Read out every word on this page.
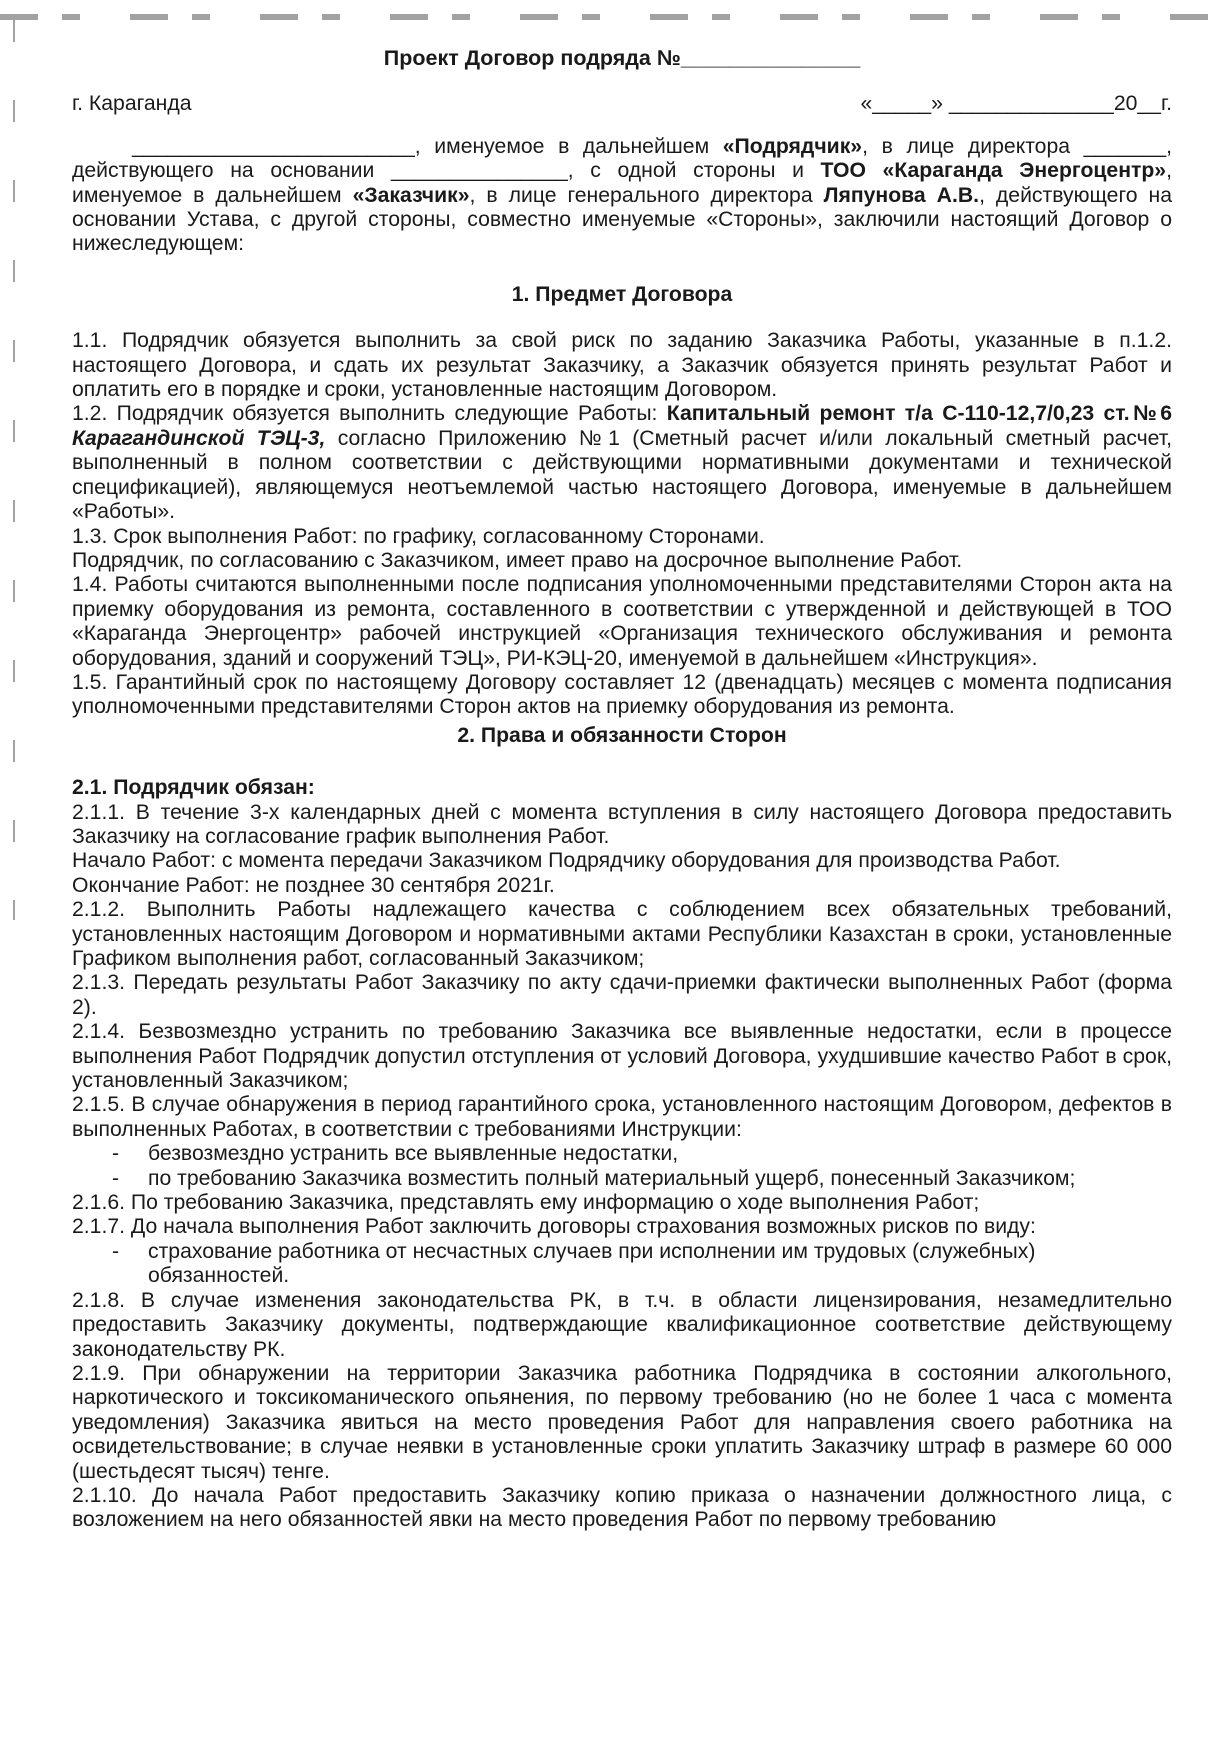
Проект Договор подряда №_______________
г. Караганда	«_____» ______________20__г.

________________________, именуемое в дальнейшем «Подрядчик», в лице директора _______, действующего на основании _______________, с одной стороны и ТОО «Караганда Энергоцентр», именуемое в дальнейшем «Заказчик», в лице генерального директора Ляпунова А.В., действующего на основании Устава, с другой стороны, совместно именуемые «Стороны», заключили настоящий Договор о нижеследующем:

1. Предмет Договора

1.1. Подрядчик обязуется выполнить за свой риск по заданию Заказчика Работы, указанные в п.1.2. настоящего Договора, и сдать их результат Заказчику, а Заказчик обязуется принять результат Работ и оплатить его в порядке и сроки, установленные настоящим Договором.

1.2. Подрядчик обязуется выполнить следующие Работы: Капитальный ремонт т/а С-110-12,7/0,23 ст.№6 Карагандинской ТЭЦ-3, согласно Приложению №1 (Сметный расчет и/или локальный сметный расчет, выполненный в полном соответствии с действующими нормативными документами и технической спецификацией), являющемуся неотъемлемой частью настоящего Договора, именуемые в дальнейшем «Работы».

1.3. Срок выполнения Работ: по графику, согласованному Сторонами.

Подрядчик, по согласованию с Заказчиком, имеет право на досрочное выполнение Работ.

1.4. Работы считаются выполненными после подписания уполномоченными представителями Сторон акта на приемку оборудования из ремонта, составленного в соответствии с утвержденной и действующей в ТОО «Караганда Энергоцентр» рабочей инструкцией «Организация технического обслуживания и ремонта оборудования, зданий и сооружений ТЭЦ», РИ-КЭЦ-20, именуемой в дальнейшем «Инструкция».

1.5. Гарантийный срок по настоящему Договору составляет 12 (двенадцать) месяцев с момента подписания уполномоченными представителями Сторон актов на приемку оборудования из ремонта.

2. Права и обязанности Сторон

2.1. Подрядчик обязан:

2.1.1. В течение 3-х календарных дней с момента вступления в силу настоящего Договора предоставить Заказчику на согласование график выполнения Работ.

Начало Работ: с момента передачи Заказчиком Подрядчику оборудования для производства Работ.

Окончание Работ: не позднее 30 сентября 2021г.

2.1.2. Выполнить Работы надлежащего качества с соблюдением всех обязательных требований, установленных настоящим Договором и нормативными актами Республики Казахстан в сроки, установленные Графиком выполнения работ, согласованный Заказчиком;

2.1.3. Передать результаты Работ Заказчику по акту сдачи-приемки фактически выполненных Работ (форма 2).

2.1.4. Безвозмездно устранить по требованию Заказчика все выявленные недостатки, если в процессе выполнения Работ Подрядчик допустил отступления от условий Договора, ухудшившие качество Работ в срок, установленный Заказчиком;

2.1.5. В случае обнаружения в период гарантийного срока, установленного настоящим Договором, дефектов в выполненных Работах, в соответствии с требованиями Инструкции:

-	безвозмездно устранить все выявленные недостатки,
-	по требованию Заказчика возместить полный материальный ущерб, понесенный Заказчиком;

2.1.6. По требованию Заказчика, представлять ему информацию о ходе выполнения Работ;

2.1.7. До начала выполнения Работ заключить договоры страхования возможных рисков по виду:

-	страхование работника от несчастных случаев при исполнении им трудовых (служебных) обязанностей.

2.1.8. В случае изменения законодательства РК, в т.ч. в области лицензирования, незамедлительно предоставить Заказчику документы, подтверждающие квалификационное соответствие действующему законодательству РК.

2.1.9. При обнаружении на территории Заказчика работника Подрядчика в состоянии алкогольного, наркотического и токсикоманического опьянения, по первому требованию (но не более 1 часа с момента уведомления) Заказчика явиться на место проведения Работ для направления своего работника на освидетельствование; в случае неявки в установленные сроки уплатить Заказчику штраф в размере 60 000 (шестьдесят тысяч) тенге.

2.1.10. До начала Работ предоставить Заказчику копию приказа о назначении должностного лица, с возложением на него обязанностей явки на место проведения Работ по первому требованию
